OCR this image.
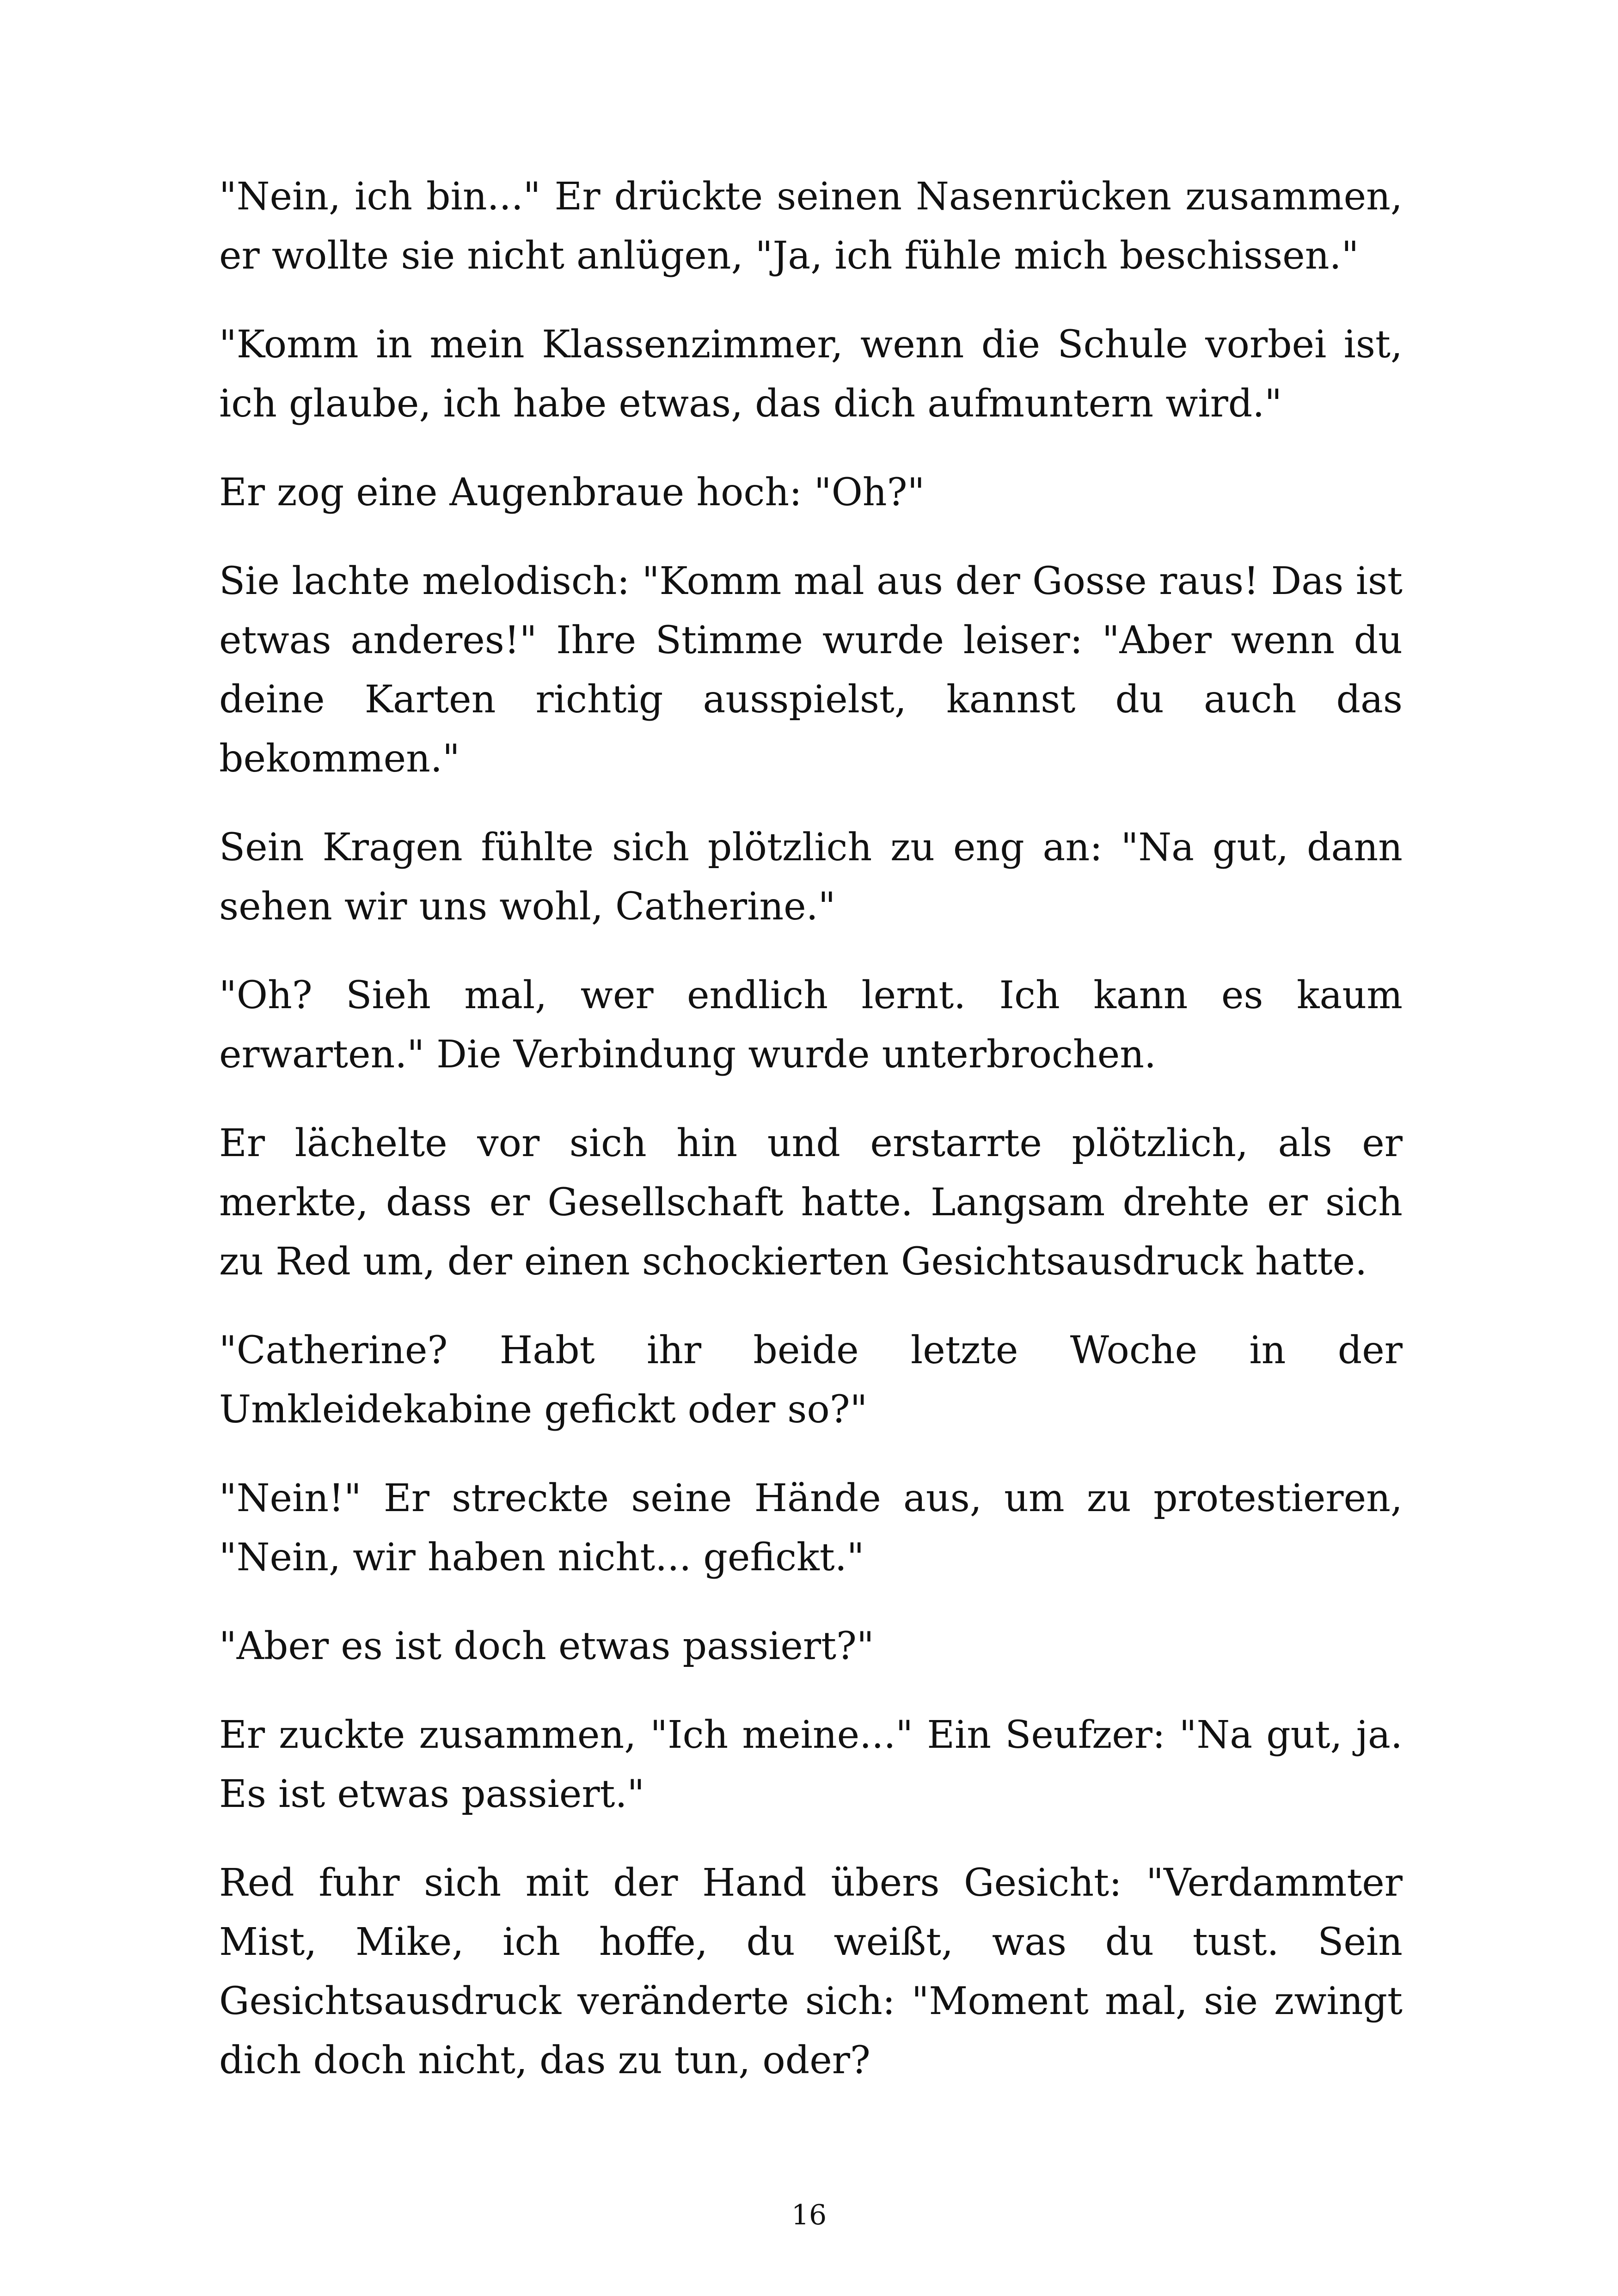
"Nein, ich bin..." Er drückte seinen Nasenrücken zusammen, er wollte sie nicht anlügen, "Ja, ich fühle mich beschissen."

"Komm in mein Klassenzimmer, wenn die Schule vorbei ist, ich glaube, ich habe etwas, das dich aufmuntern wird."

Er zog eine Augenbraue hoch: "Oh?"

Sie lachte melodisch: "Komm mal aus der Gosse raus! Das ist etwas anderes!" Ihre Stimme wurde leiser: "Aber wenn du deine Karten richtig ausspielst, kannst du auch das bekommen."

Sein Kragen fühlte sich plötzlich zu eng an: "Na gut, dann sehen wir uns wohl, Catherine."

"Oh? Sieh mal, wer endlich lernt. Ich kann es kaum erwarten." Die Verbindung wurde unterbrochen.

Er lächelte vor sich hin und erstarrte plötzlich, als er merkte, dass er Gesellschaft hatte. Langsam drehte er sich zu Red um, der einen schockierten Gesichtsausdruck hatte.

"Catherine? Habt ihr beide letzte Woche in der Umkleidekabine gefickt oder so?"

"Nein!" Er streckte seine Hände aus, um zu protestieren, "Nein, wir haben nicht... gefickt."

"Aber es ist doch etwas passiert?"

Er zuckte zusammen, "Ich meine..." Ein Seufzer: "Na gut, ja. Es ist etwas passiert."

Red fuhr sich mit der Hand übers Gesicht: "Verdammter Mist, Mike, ich hoffe, du weißt, was du tust. Sein Gesichtsausdruck veränderte sich: "Moment mal, sie zwingt dich doch nicht, das zu tun, oder?

16
